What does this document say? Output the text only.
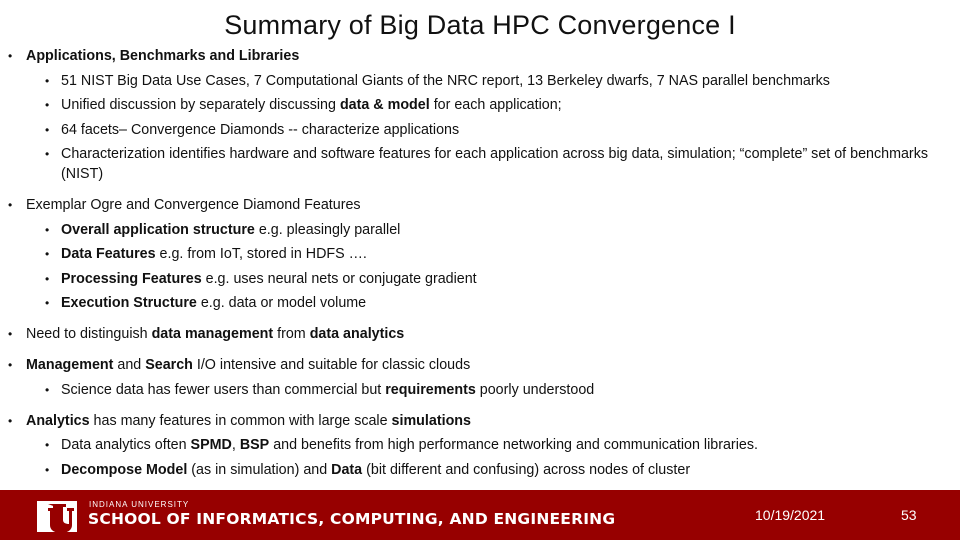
Summary of Big Data HPC Convergence I
• Applications, Benchmarks and Libraries
• 51 NIST Big Data Use Cases, 7 Computational Giants of the NRC report, 13 Berkeley dwarfs, 7 NAS parallel benchmarks
• Unified discussion by separately discussing data & model for each application;
• 64 facets– Convergence Diamonds -- characterize applications
• Characterization identifies hardware and software features for each application across big data, simulation; “complete” set of benchmarks (NIST)
• Exemplar Ogre and Convergence Diamond Features
• Overall application structure e.g. pleasingly parallel
• Data Features e.g. from IoT, stored in HDFS ….
• Processing Features e.g. uses neural nets or conjugate gradient
• Execution Structure e.g. data or model volume
• Need to distinguish data management from data analytics
• Management and Search I/O intensive and suitable for classic clouds
• Science data has fewer users than commercial but requirements poorly understood
• Analytics has many features in common with large scale simulations
• Data analytics often SPMD, BSP and benefits from high performance networking and communication libraries.
• Decompose Model (as in simulation) and Data (bit different and confusing) across nodes of cluster
INDIANA UNIVERSITY
SCHOOL OF INFORMATICS, COMPUTING, AND ENGINEERING	10/19/2021	53
